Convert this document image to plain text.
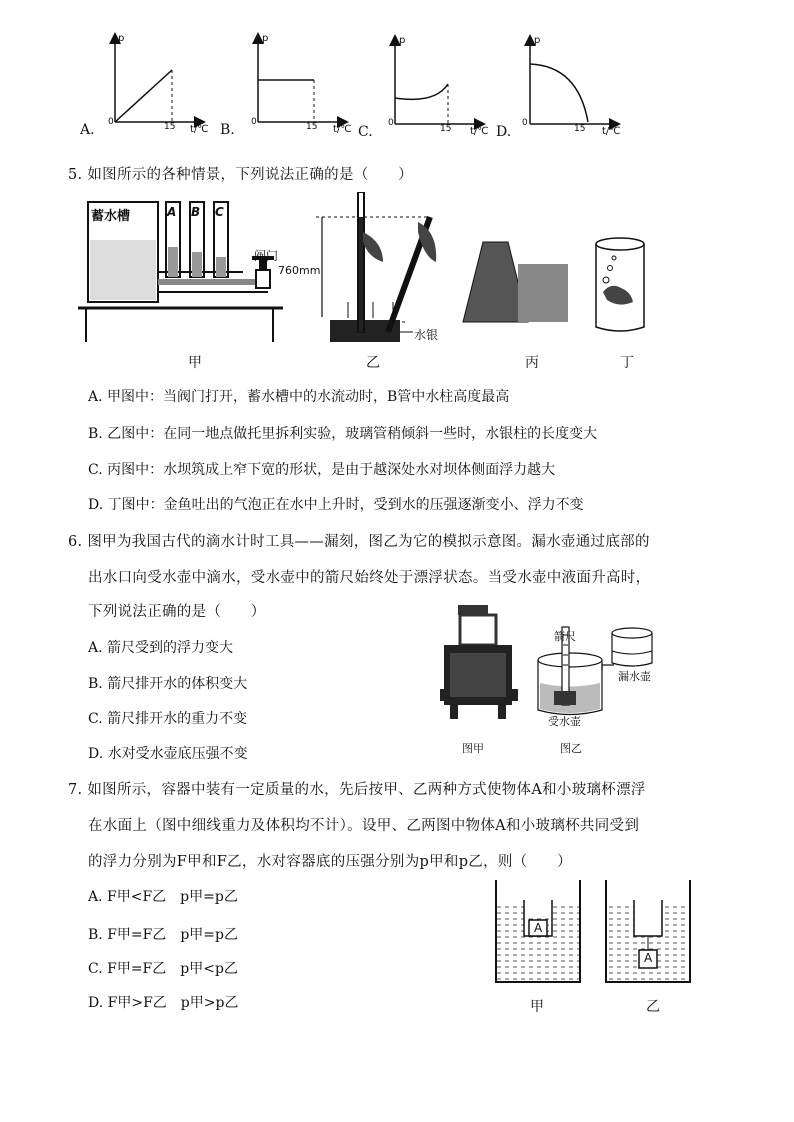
A.
p
0	15 t/℃ B.
p
0	15 t/℃ C.
p
0
15 t/℃ D.
p
0
15 t/℃
5. 如图所示的各种情景，下列说法正确的是（　　）
蓄水槽	A B C
阀门
760mm
水银
甲	乙	丙	丁
A. 甲图中：当阀门打开，蓄水槽中的水流动时，B管中水柱高度最高
B. 乙图中：在同一地点做托里拆利实验，玻璃管稍倾斜一些时，水银柱的长度变大
C. 丙图中：水坝筑成上窄下宽的形状，是由于越深处水对坝体侧面浮力越大
D. 丁图中：金鱼吐出的气泡正在水中上升时，受到水的压强逐渐变小、浮力不变
6. 图甲为我国古代的滴水计时工具——漏刻，图乙为它的模拟示意图。漏水壶通过底部的
出水口向受水壶中滴水，受水壶中的箭尺始终处于漂浮状态。当受水壶中液面升高时，
下列说法正确的是（　　）
A. 箭尺受到的浮力变大
B. 箭尺排开水的体积变大
C. 箭尺排开水的重力不变
D. 水对受水壶底压强不变
箭尺
漏水壶
受水壶
图甲	图乙
7. 如图所示，容器中装有一定质量的水，先后按甲、乙两种方式使物体A和小玻璃杯漂浮
在水面上（图中细线重力及体积均不计）。设甲、乙两图中物体A和小玻璃杯共同受到
的浮力分别为F甲和F乙，水对容器底的压强分别为p甲和p乙，则（　　）
A. F甲<F乙　p甲=p乙
B. F甲=F乙　p甲=p乙
C. F甲=F乙　p甲<p乙
D. F甲>F乙　p甲>p乙
A
A
甲	乙
